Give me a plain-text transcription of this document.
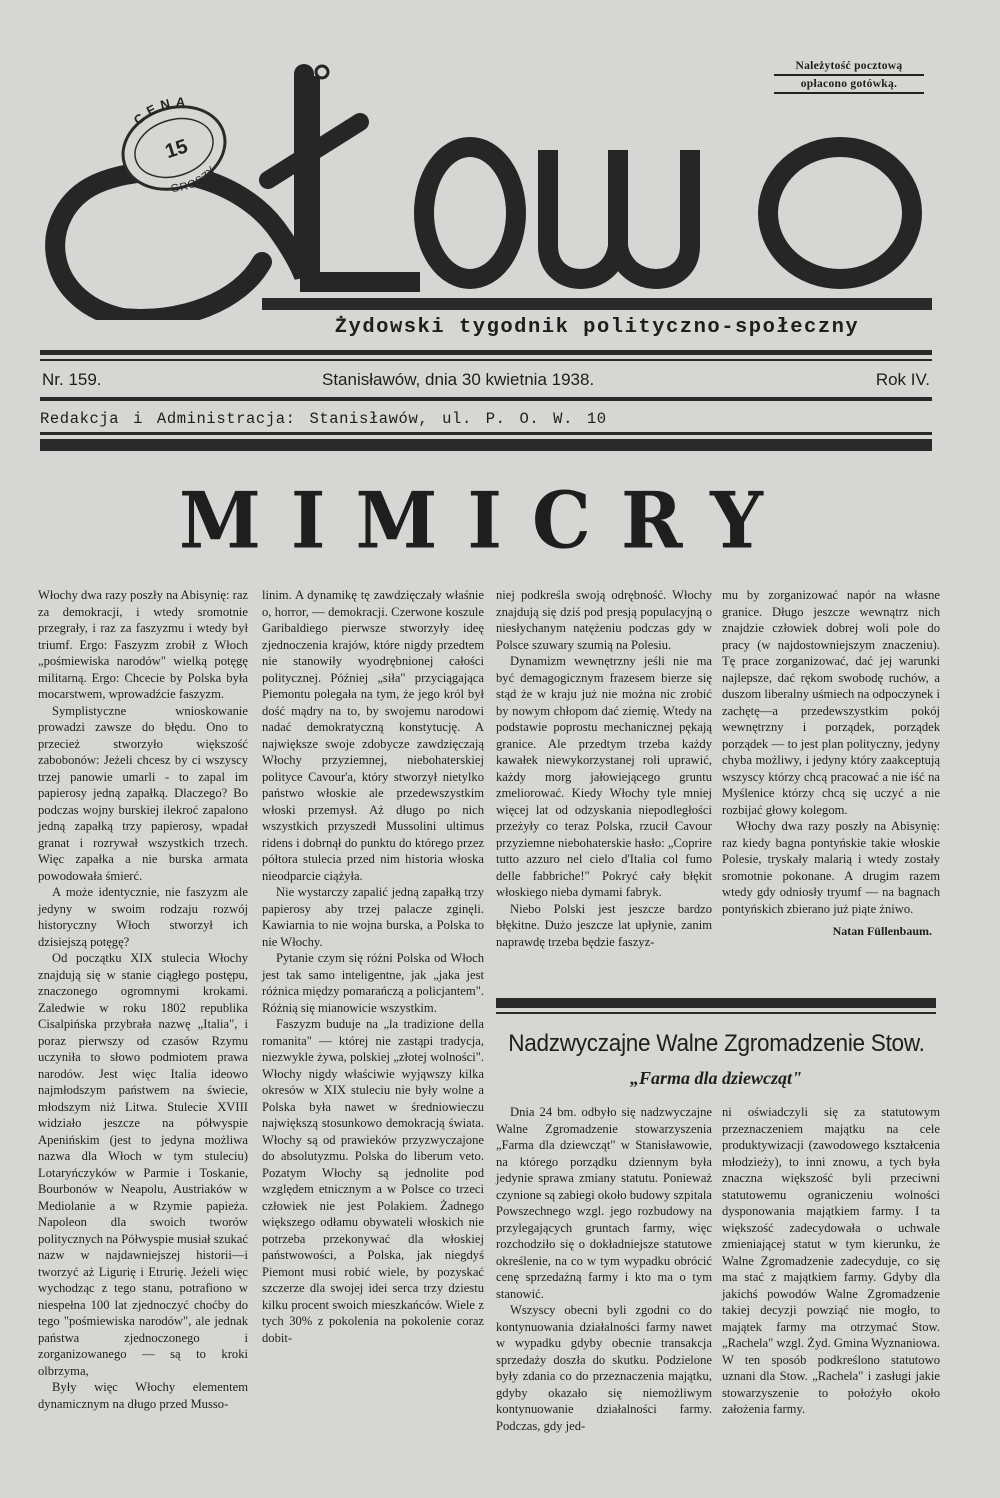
Należytość pocztową
opłacono gotówką.
CENA
GROSZY
15
Żydowski tygodnik polityczno-społeczny
Nr. 159.	Stanisławów, dnia 30 kwietnia 1938.	Rok IV.
Redakcja i Administracja: Stanisławów, ul. P. O. W. 10
MIMICRY

Włochy dwa razy poszły na Abisynię: raz za demokracji, i wtedy sromotnie przegrały, i raz za faszyzmu i wtedy był triumf. Ergo: Faszyzm zrobił z Włoch „pośmiewiska narodów" wielką potęgę militarną. Ergo: Chcecie by Polska była mocarstwem, wprowadźcie faszyzm.

Symplistyczne wnioskowanie prowadzi zawsze do błędu. Ono to przecież stworzyło większość zabobonów: Jeżeli chcesz by ci wszyscy trzej panowie umarli - to zapal im papierosy jedną zapałką. Dlaczego? Bo podczas wojny burskiej ilekroć zapalono jedną zapałką trzy papierosy, wpadał granat i rozrywał wszystkich trzech. Więc zapałka a nie burska armata powodowała śmierć.

A może identycznie, nie faszyzm ale jedyny w swoim rodzaju rozwój historyczny Włoch stworzył ich dzisiejszą potęgę?

Od początku XIX stulecia Włochy znajdują się w stanie ciągłego postępu, znaczonego ogromnymi krokami. Zaledwie w roku 1802 republika Cisalpińska przybrała nazwę „Italia", i poraz pierwszy od czasów Rzymu uczyniła to słowo podmiotem prawa narodów. Jest więc Italia ideowo najmłodszym państwem na świecie, młodszym niż Litwa. Stulecie XVIII widziało jeszcze na półwyspie Apenińskim (jest to jedyna możliwa nazwa dla Włoch w tym stuleciu) Lotaryńczyków w Parmie i Toskanie, Bourbonów w Neapolu, Austriaków w Mediolanie a w Rzymie papieża. Napoleon dla swoich tworów politycznych na Półwyspie musiał szukać nazw w najdawniejszej historii—i tworzyć aż Ligurię i Etrurię. Jeżeli więc wychodząc z tego stanu, potrafiono w niespełna 100 lat zjednoczyć choćby do tego "pośmiewiska narodów", ale jednak państwa zjednoczonego i zorganizowanego — są to kroki olbrzyma,

Były więc Włochy elementem dynamicznym na długo przed Musso-

linim. A dynamikę tę zawdzięczały właśnie o, horror, — demokracji. Czerwone koszule Garibaldiego pierwsze stworzyły ideę zjednoczenia krajów, które nigdy przedtem nie stanowiły wyodrębnionej całości politycznej. Później „siła" przyciągająca Piemontu polegała na tym, że jego król był dość mądry na to, by swojemu narodowi nadać demokratyczną konstytucję. A największe swoje zdobycze zawdzięczają Włochy przyziemnej, niebohaterskiej polityce Cavour'a, który stworzył nietylko państwo włoskie ale przedewszystkim włoski przemysł. Aż długo po nich wszystkich przyszedł Mussolini ultimus ridens i dobrnął do punktu do którego przez półtora stulecia przed nim historia włoska nieodparcie ciążyła.

Nie wystarczy zapalić jedną zapałką trzy papierosy aby trzej palacze zginęli. Kawiarnia to nie wojna burska, a Polska to nie Włochy.

Pytanie czym się różni Polska od Włoch jest tak samo inteligentne, jak „jaka jest różnica między pomarańczą a policjantem". Różnią się mianowicie wszystkim.

Faszyzm buduje na „la tradizione della romanita" — której nie zastąpi tradycja, niezwykle żywa, polskiej „złotej wolności". Włochy nigdy właściwie wyjąwszy kilka okresów w XIX stuleciu nie były wolne a Polska była nawet w średniowieczu największą stosunkowo demokracją świata. Włochy są od prawieków przyzwyczajone do absolutyzmu. Polska do liberum veto. Pozatym Włochy są jednolite pod względem etnicznym a w Polsce co trzeci człowiek nie jest Polakiem. Żadnego większego odłamu obywateli włoskich nie potrzeba przekonywać dla włoskiej państwowości, a Polska, jak niegdyś Piemont musi robić wiele, by pozyskać szczerze dla swojej idei serca trzy dziestu kilku procent swoich mieszkańców. Wiele z tych 30% z pokolenia na pokolenie coraz dobit-

niej podkreśla swoją odrębność. Włochy znajdują się dziś pod presją populacyjną o niesłychanym natężeniu podczas gdy w Polsce szuwary szumią na Polesiu.

Dynamizm wewnętrzny jeśli nie ma być demagogicznym frazesem bierze się stąd że w kraju już nie można nic zrobić by nowym chłopom dać ziemię. Wtedy na podstawie poprostu mechanicznej pękają granice. Ale przedtym trzeba każdy kawałek niewykorzystanej roli uprawić, każdy morg jałowiejącego gruntu zmeliorować. Kiedy Włochy tyle mniej więcej lat od odzyskania niepodległości przeżyły co teraz Polska, rzucił Cavour przyziemne niebohaterskie hasło: „Coprire tutto azzuro nel cielo d'Italia col fumo delle fabbriche!" Pokryć cały błękit włoskiego nieba dymami fabryk.

Niebo Polski jest jeszcze bardzo błękitne. Dużo jeszcze lat upłynie, zanim naprawdę trzeba będzie faszyz-

mu by zorganizować napór na własne granice. Długo jeszcze wewnątrz nich znajdzie człowiek dobrej woli pole do pracy (w najdostowniejszym znaczeniu). Tę prace zorganizować, dać jej warunki najlepsze, dać rękom swobodę ruchów, a duszom liberalny uśmiech na odpoczynek i zachętę—a przedewszystkim pokój wewnętrzny i porządek, porządek porządek — to jest plan polityczny, jedyny chyba możliwy, i jedyny który zaakceptują wszyscy którzy chcą pracować a nie iść na Myślenice którzy chcą się uczyć a nie rozbijać głowy kolegom.

Włochy dwa razy poszły na Abisynię: raz kiedy bagna pontyńskie takie włoskie Polesie, tryskały malarią i wtedy zostały sromotnie pokonane. A drugim razem wtedy gdy odniosły tryumf — na bagnach pontyńskich zbierano już piąte żniwo.

Natan Füllenbaum.
Nadzwyczajne Walne Zgromadzenie Stow.
„Farma dla dziewcząt"

Dnia 24 bm. odbyło się nadzwyczajne Walne Zgromadzenie stowarzyszenia „Farma dla dziewcząt" w Stanisławowie, na którego porządku dziennym była jedynie sprawa zmiany statutu. Ponieważ czynione są zabiegi około budowy szpitala Powszechnego wzgl. jego rozbudowy na przylegających gruntach farmy, więc rozchodziło się o dokładniejsze statutowe określenie, na co w tym wypadku obrócić cenę sprzedażną farmy i kto ma o tym stanowić.

Wszyscy obecni byli zgodni co do kontynuowania działalności farmy nawet w wypadku gdyby obecnie transakcja sprzedaży doszła do skutku. Podzielone były zdania co do przeznaczenia majątku, gdyby okazało się niemożliwym kontynuowanie działalności farmy. Podczas, gdy jed-

ni oświadczyli się za statutowym przeznaczeniem majątku na cele produktywizacji (zawodowego kształcenia młodzieży), to inni znowu, a tych była znaczna większość byli przeciwni statutowemu ograniczeniu wolności dysponowania majątkiem farmy. I ta większość zadecydowała o uchwale zmieniającej statut w tym kierunku, że Walne Zgromadzenie zadecyduje, co się ma stać z majątkiem farmy. Gdyby dla jakichś powodów Walne Zgromadzenie takiej decyzji powziąć nie mogło, to majątek farmy ma otrzymać Stow. „Rachela" wzgl. Żyd. Gmina Wyznaniowa. W ten sposób podkreślono statutowo uznani dla Stow. „Rachela" i zasługi jakie stowarzyszenie to położyło około założenia farmy.
